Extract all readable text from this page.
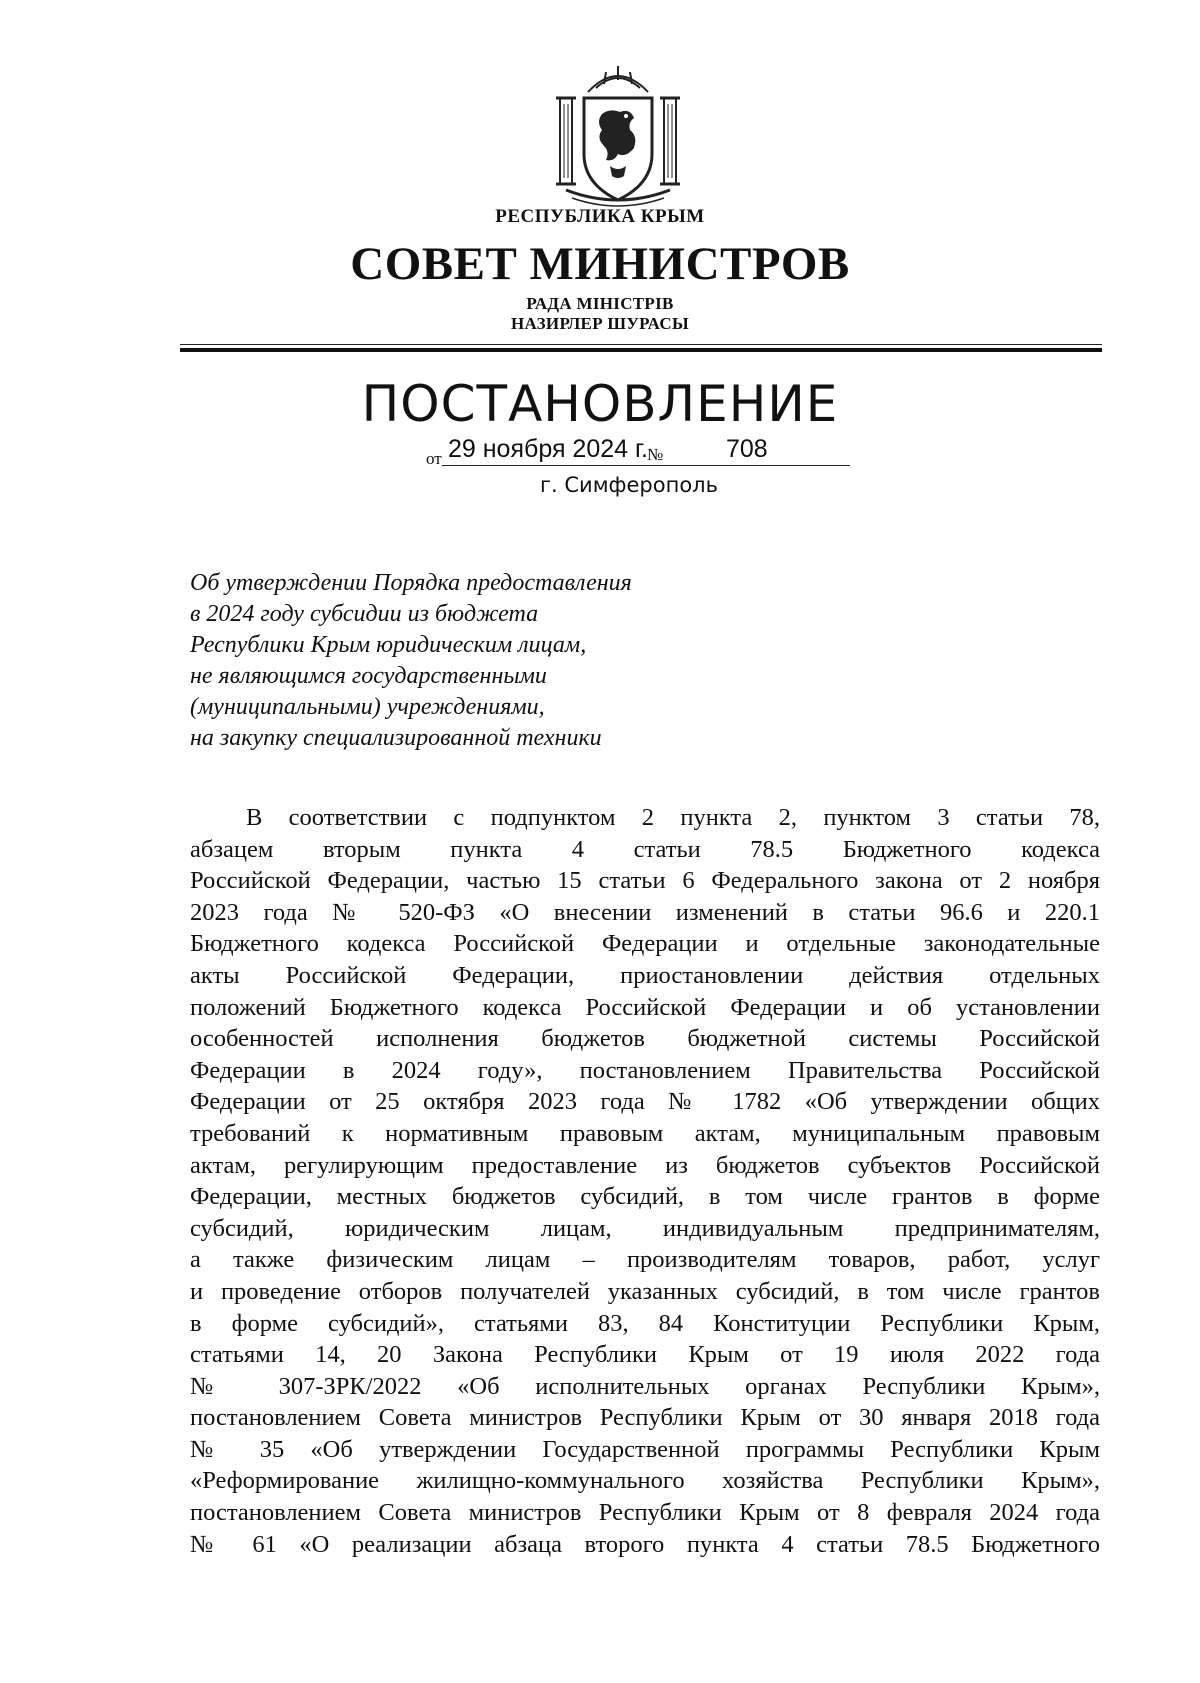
РЕСПУБЛИКА КРЫМ
СОВЕТ МИНИСТРОВ
РАДА МІНІСТРІВ
НАЗИРЛЕР ШУРАСЫ
ПОСТАНОВЛЕНИЕ
от 29 ноября 2024 г. №	708
г. Симферополь
Об утверждении Порядка предоставления
в 2024 году субсидии из бюджета
Республики Крым юридическим лицам,
не являющимся государственными
(муниципальными) учреждениями,
на закупку специализированной техники
В соответствии с подпунктом 2 пункта 2, пунктом 3 статьи 78,
абзацем вторым пункта 4 статьи 78.5 Бюджетного кодекса
Российской Федерации, частью 15 статьи 6 Федерального закона от 2 ноября
2023 года № 520-ФЗ «О внесении изменений в статьи 96.6 и 220.1
Бюджетного кодекса Российской Федерации и отдельные законодательные
акты Российской Федерации, приостановлении действия отдельных
положений Бюджетного кодекса Российской Федерации и об установлении
особенностей исполнения бюджетов бюджетной системы Российской
Федерации в 2024 году», постановлением Правительства Российской
Федерации от 25 октября 2023 года № 1782 «Об утверждении общих
требований к нормативным правовым актам, муниципальным правовым
актам, регулирующим предоставление из бюджетов субъектов Российской
Федерации, местных бюджетов субсидий, в том числе грантов в форме
субсидий, юридическим лицам, индивидуальным предпринимателям,
а также физическим лицам – производителям товаров, работ, услуг
и проведение отборов получателей указанных субсидий, в том числе грантов
в форме субсидий», статьями 83, 84 Конституции Республики Крым,
статьями 14, 20 Закона Республики Крым от 19 июля 2022 года
№ 307-ЗРК/2022 «Об исполнительных органах Республики Крым»,
постановлением Совета министров Республики Крым от 30 января 2018 года
№ 35 «Об утверждении Государственной программы Республики Крым
«Реформирование жилищно-коммунального хозяйства Республики Крым»,
постановлением Совета министров Республики Крым от 8 февраля 2024 года
№ 61 «О реализации абзаца второго пункта 4 статьи 78.5 Бюджетного
